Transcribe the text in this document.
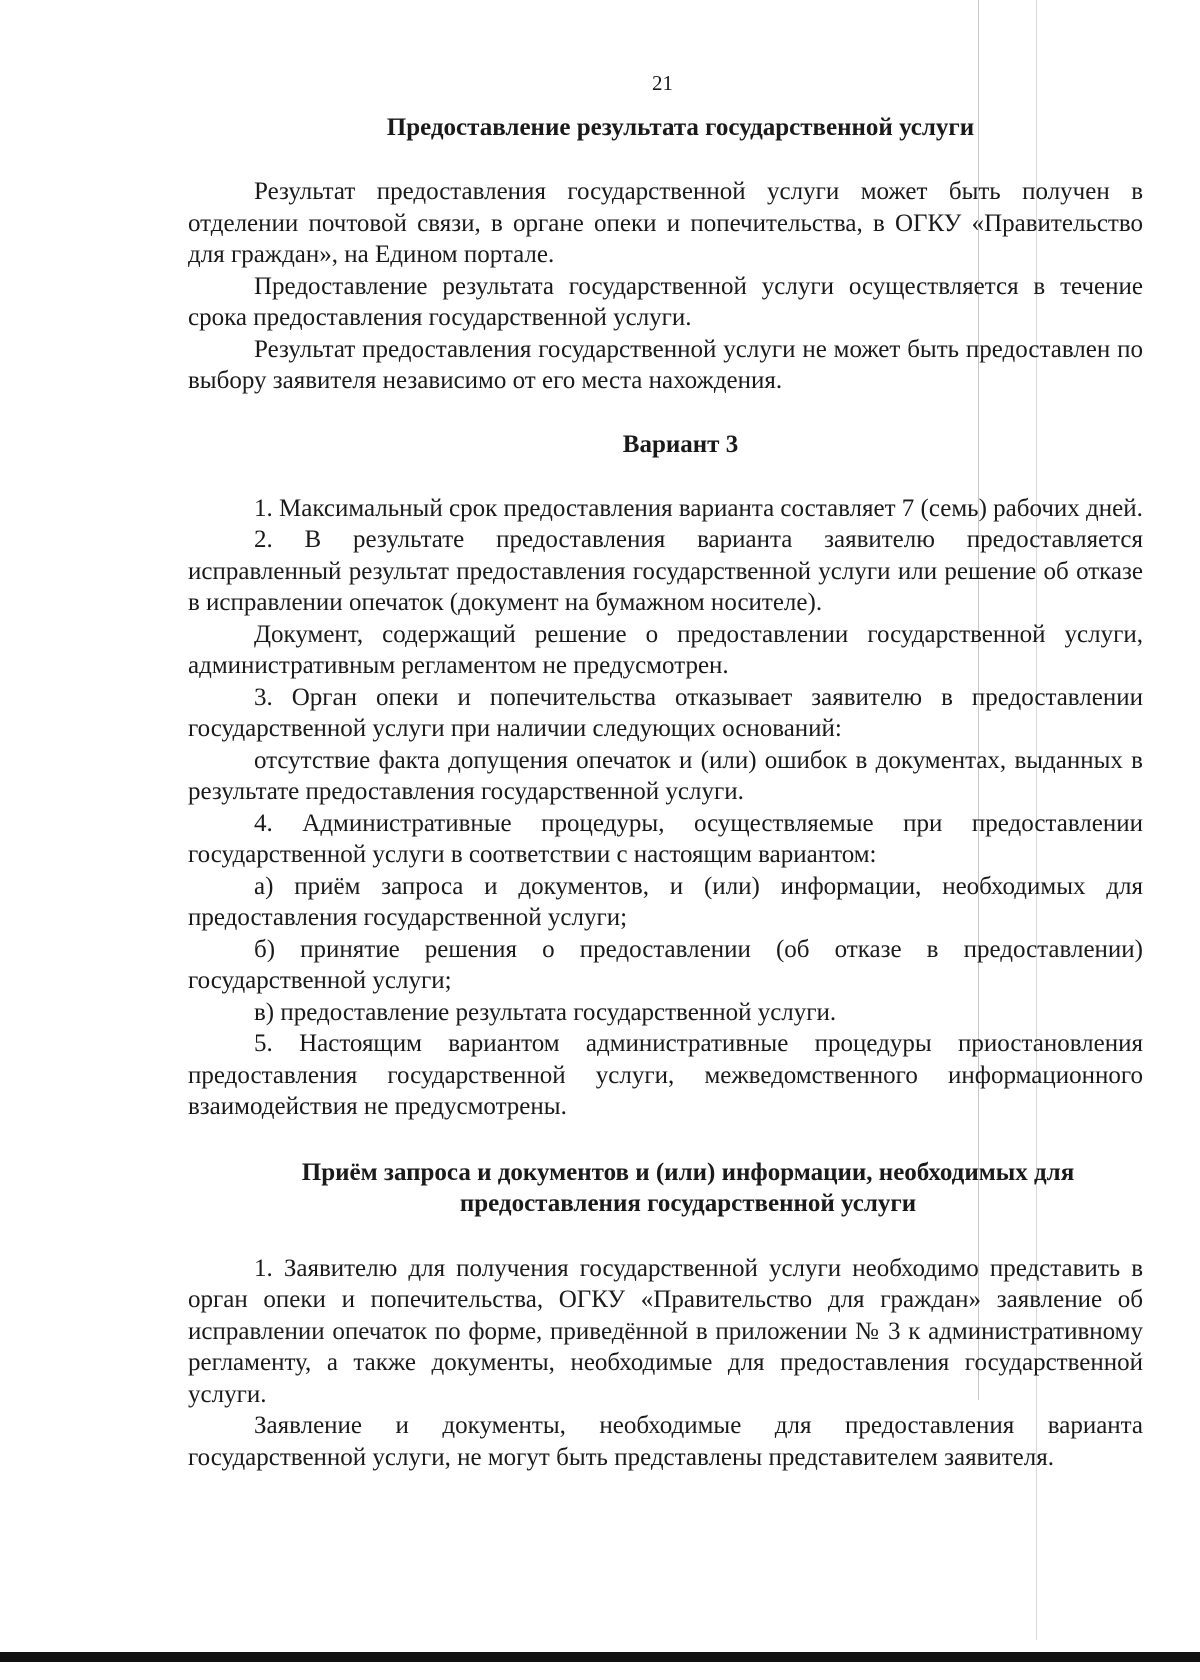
21
Предоставление результата государственной услуги

Результат предоставления государственной услуги может быть получен в отделении почтовой связи, в органе опеки и попечительства, в ОГКУ «Правительство для граждан», на Едином портале.

Предоставление результата государственной услуги осуществляется в течение срока предоставления государственной услуги.

Результат предоставления государственной услуги не может быть предоставлен по выбору заявителя независимо от его места нахождения.

Вариант 3

1. Максимальный срок предоставления варианта составляет 7 (семь) рабочих дней.

2. В результате предоставления варианта заявителю предоставляется исправленный результат предоставления государственной услуги или решение об отказе в исправлении опечаток (документ на бумажном носителе).

Документ, содержащий решение о предоставлении государственной услуги, административным регламентом не предусмотрен.

3. Орган опеки и попечительства отказывает заявителю в предоставлении государственной услуги при наличии следующих оснований:

отсутствие факта допущения опечаток и (или) ошибок в документах, выданных в результате предоставления государственной услуги.

4. Административные процедуры, осуществляемые при предоставлении государственной услуги в соответствии с настоящим вариантом:

а) приём запроса и документов, и (или) информации, необходимых для предоставления государственной услуги;

б) принятие решения о предоставлении (об отказе в предоставлении) государственной услуги;

в) предоставление результата государственной услуги.

5. Настоящим вариантом административные процедуры приостановления предоставления государственной услуги, межведомственного информационного взаимодействия не предусмотрены.

Приём запроса и документов и (или) информации, необходимых для
предоставления государственной услуги

1. Заявителю для получения государственной услуги необходимо представить в орган опеки и попечительства, ОГКУ «Правительство для граждан» заявление об исправлении опечаток по форме, приведённой в приложении № 3 к административному регламенту, а также документы, необходимые для предоставления государственной услуги.

Заявление и документы, необходимые для предоставления варианта государственной услуги, не могут быть представлены представителем заявителя.
